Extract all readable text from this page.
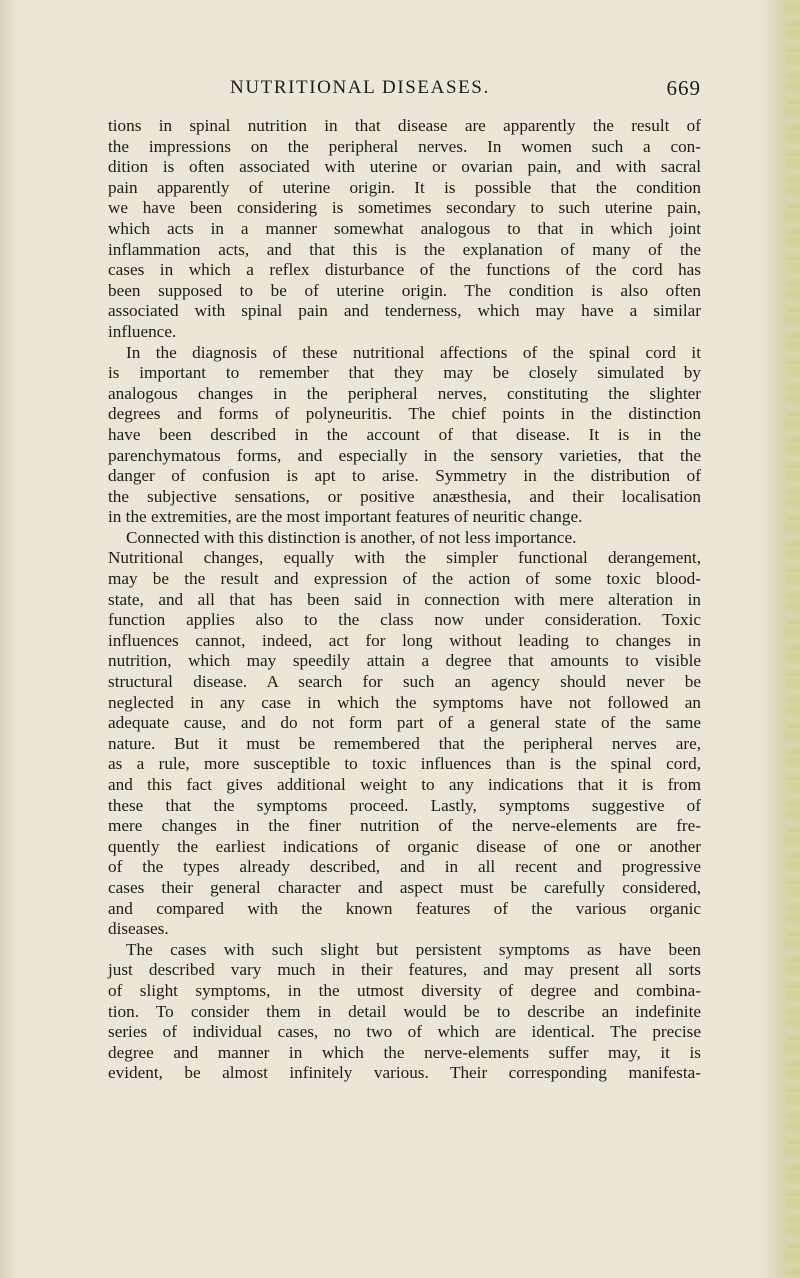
NUTRITIONAL DISEASES.	669
tions in spinal nutrition in that disease are apparently the result of
the impressions on the peripheral nerves. In women such a con-
dition is often associated with uterine or ovarian pain, and with sacral
pain apparently of uterine origin. It is possible that the condition
we have been considering is sometimes secondary to such uterine pain,
which acts in a manner somewhat analogous to that in which joint
inflammation acts, and that this is the explanation of many of the
cases in which a reflex disturbance of the functions of the cord has
been supposed to be of uterine origin. The condition is also often
associated with spinal pain and tenderness, which may have a similar
influence.
In the diagnosis of these nutritional affections of the spinal cord it
is important to remember that they may be closely simulated by
analogous changes in the peripheral nerves, constituting the slighter
degrees and forms of polyneuritis. The chief points in the distinction
have been described in the account of that disease. It is in the
parenchymatous forms, and especially in the sensory varieties, that the
danger of confusion is apt to arise. Symmetry in the distribution of
the subjective sensations, or positive anæsthesia, and their localisation
in the extremities, are the most important features of neuritic change.
Connected with this distinction is another, of not less importance.
Nutritional changes, equally with the simpler functional derangement,
may be the result and expression of the action of some toxic blood-
state, and all that has been said in connection with mere alteration in
function applies also to the class now under consideration. Toxic
influences cannot, indeed, act for long without leading to changes in
nutrition, which may speedily attain a degree that amounts to visible
structural disease. A search for such an agency should never be
neglected in any case in which the symptoms have not followed an
adequate cause, and do not form part of a general state of the same
nature. But it must be remembered that the peripheral nerves are,
as a rule, more susceptible to toxic influences than is the spinal cord,
and this fact gives additional weight to any indications that it is from
these that the symptoms proceed. Lastly, symptoms suggestive of
mere changes in the finer nutrition of the nerve-elements are fre-
quently the earliest indications of organic disease of one or another
of the types already described, and in all recent and progressive
cases their general character and aspect must be carefully considered,
and compared with the known features of the various organic
diseases.
The cases with such slight but persistent symptoms as have been
just described vary much in their features, and may present all sorts
of slight symptoms, in the utmost diversity of degree and combina-
tion. To consider them in detail would be to describe an indefinite
series of individual cases, no two of which are identical. The precise
degree and manner in which the nerve-elements suffer may, it is
evident, be almost infinitely various. Their corresponding manifesta-
